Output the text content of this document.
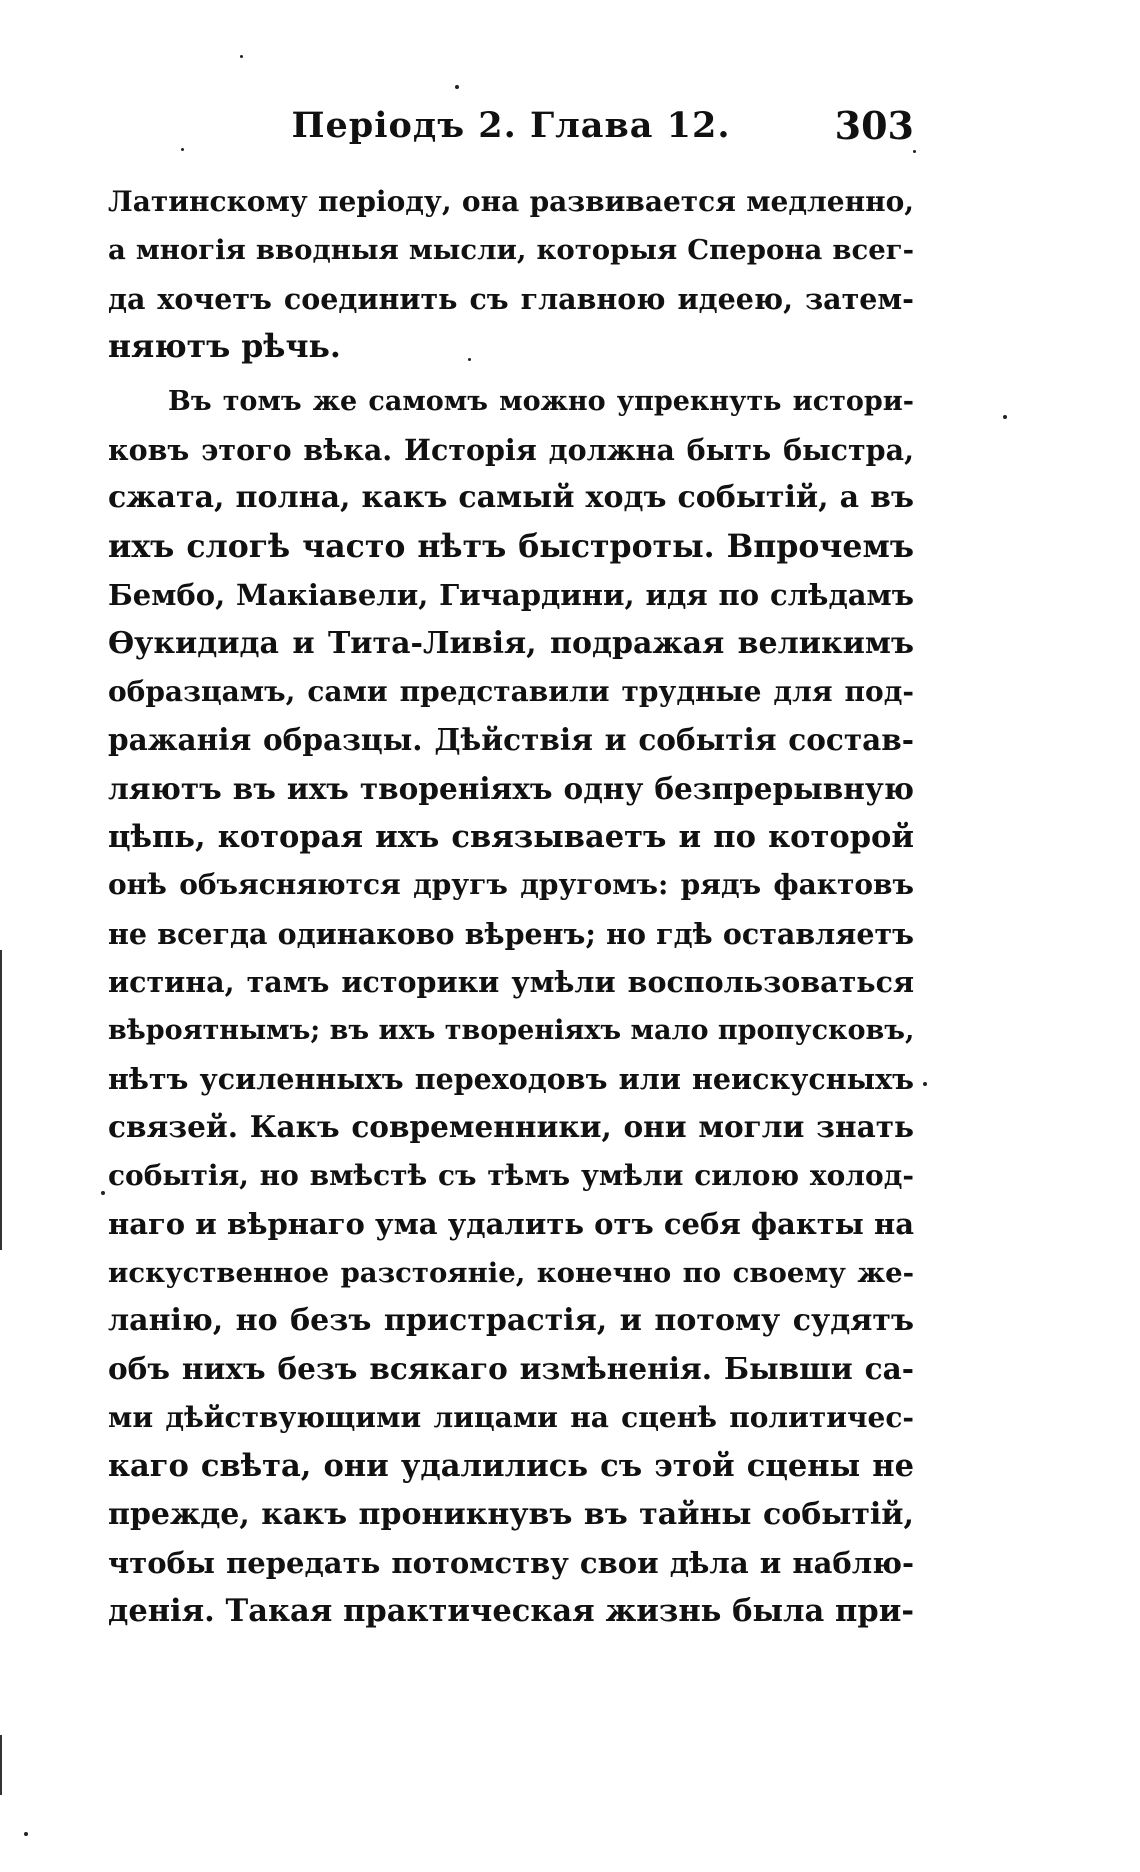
Перiодъ 2. Глава 12.	303
Латинскому перiоду, она развивается медленно,
а многiя вводныя мысли, которыя Сперона всег-
да хочетъ соединить съ главною идеею, затем-
няютъ рѣчь.
Въ томъ же самомъ можно упрекнуть истори-
ковъ этого вѣка. Исторiя должна быть быстра,
сжата, полна, какъ самый ходъ событiй, а въ
ихъ слогѣ часто нѣтъ быстроты. Впрочемъ
Бембо, Макiавели, Гичардини, идя по слѣдамъ
Ѳукидида и Тита-Ливiя, подражая великимъ
образцамъ, сами представили трудные для под-
ражанiя образцы. Дѣйствiя и событiя состав-
ляютъ въ ихъ творенiяхъ одну безпрерывную
цѣпь, которая ихъ связываетъ и по которой
онѣ объясняются другъ другомъ: рядъ фактовъ
не всегда одинаково вѣренъ; но гдѣ оставляетъ
истина, тамъ историки умѣли воспользоваться
вѣроятнымъ; въ ихъ творенiяхъ мало пропусковъ,
нѣтъ усиленныхъ переходовъ или неискусныхъ
связей. Какъ современники, они могли знать
событiя, но вмѣстѣ съ тѣмъ умѣли силою холод-
наго и вѣрнаго ума удалить отъ себя факты на
искуственное разстоянiе, конечно по своему же-
ланiю, но безъ пристрастiя, и потому судятъ
объ нихъ безъ всякаго измѣненiя. Бывши са-
ми дѣйствующими лицами на сценѣ политичес-
каго свѣта, они удалились съ этой сцены не
прежде, какъ проникнувъ въ тайны событiй,
чтобы передать потомству свои дѣла и наблю-
денiя. Такая практическая жизнь была при-
